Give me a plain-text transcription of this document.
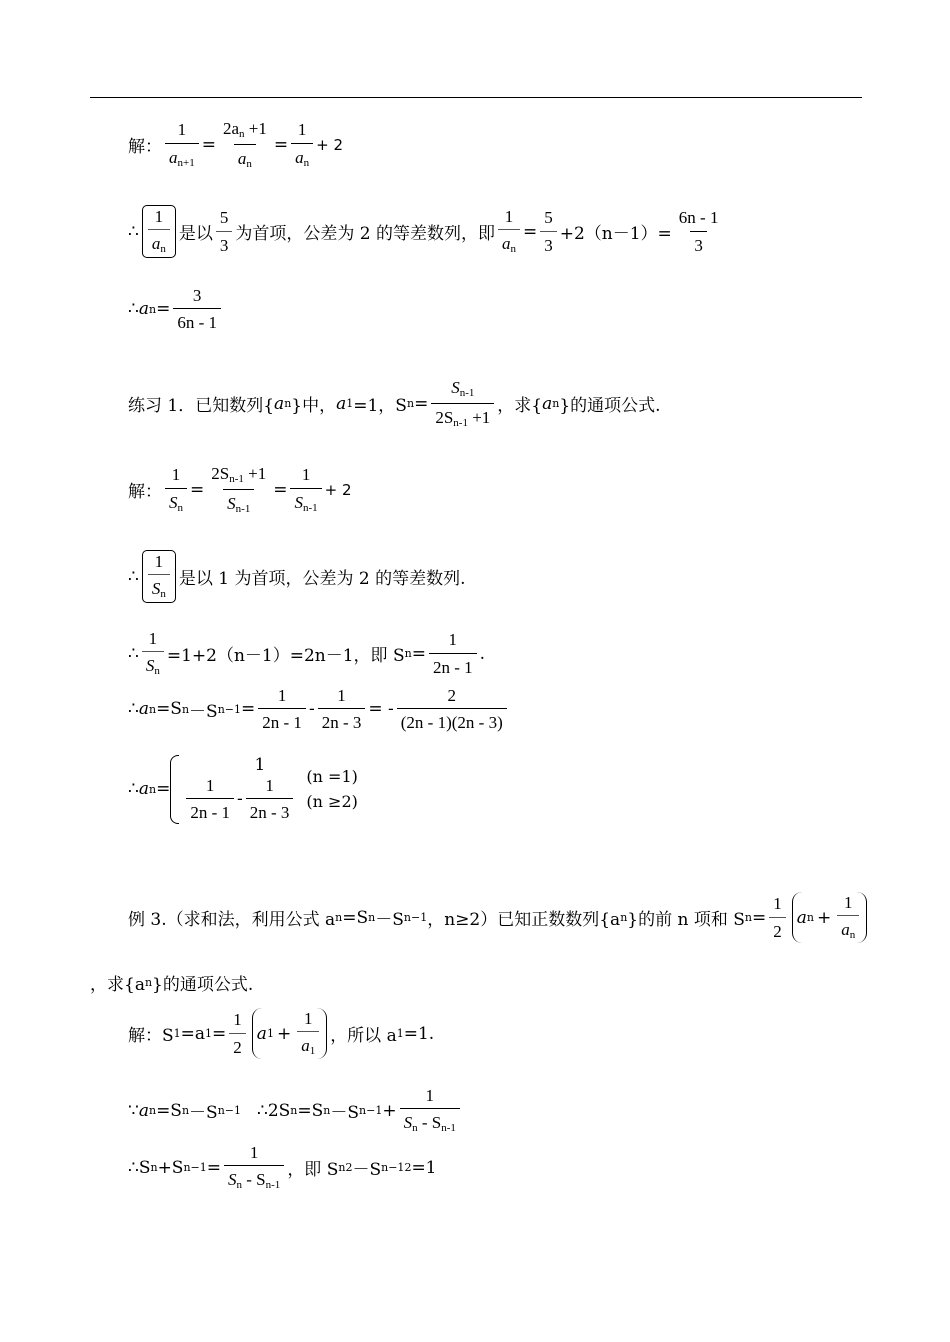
解： $\frac{1}{a_{n+1}} = \frac{2a_n +1}{a_n} = \frac{1}{a_n} + 2$
∴ $\frac{1}{a_n}$ 是以 $\frac{5}{3}$ 为首项，公差为 2 的等差数列，即 $\frac{1}{a_n} = \frac{5}{3} +2(n-1)= \frac{6n - 1}{3}$
∴ a $n = \frac{3}{6n - 1}$
练习 1．已知数列{ a n }中， a 1 =1，S $n = \frac{S_{n-1}}{2S_{n-1} +1}$ ，求{ a n }的通项公式.
解： $\frac{1}{S_n} = \frac{2S_{n-1} +1}{S_{n-1}} = \frac{1}{S_{n-1}} + 2$
∴ $\frac{1}{S_n}$ 是以 1 为首项，公差为 2 的等差数列.
∴ $\frac{1}{S_n} =1+2(n-1)=2n-1$，即 S $n = \frac{1}{2n - 1}$ .
∴ a n =S n －S $n-1 = \frac{1}{2n - 1} - \frac{1}{2n - 3}$ = - $\frac{2}{(2n - 1)(2n - 3)}$
∴ a n =
1
$\frac{1}{2n - 1} - \frac{1}{2n - 3} (n =1)$
(n ≥2)
例 3.（求和法，利用公式 a n =S n －S n−1 ，n≥2）已知正数数列{a n }的前 n 项和 S $n = \frac{1}{2}$ a $n + \frac{1}{a_n}$
，求{a n }的通项公式.
解：S 1 =a $1 = \frac{1}{2}$ a $1 + \frac{1}{a_1}$ ，所以 a 1 =1.
∵ a n =S n －S n−1 ∴2S n =S n －S $n-1 + \frac{1}{S_n - S_{n-1}}$
∴S n +S $n-1 = \frac{1}{S_n - S_{n-1}}$ ，即 S n 2 －S n−1 2 =1
